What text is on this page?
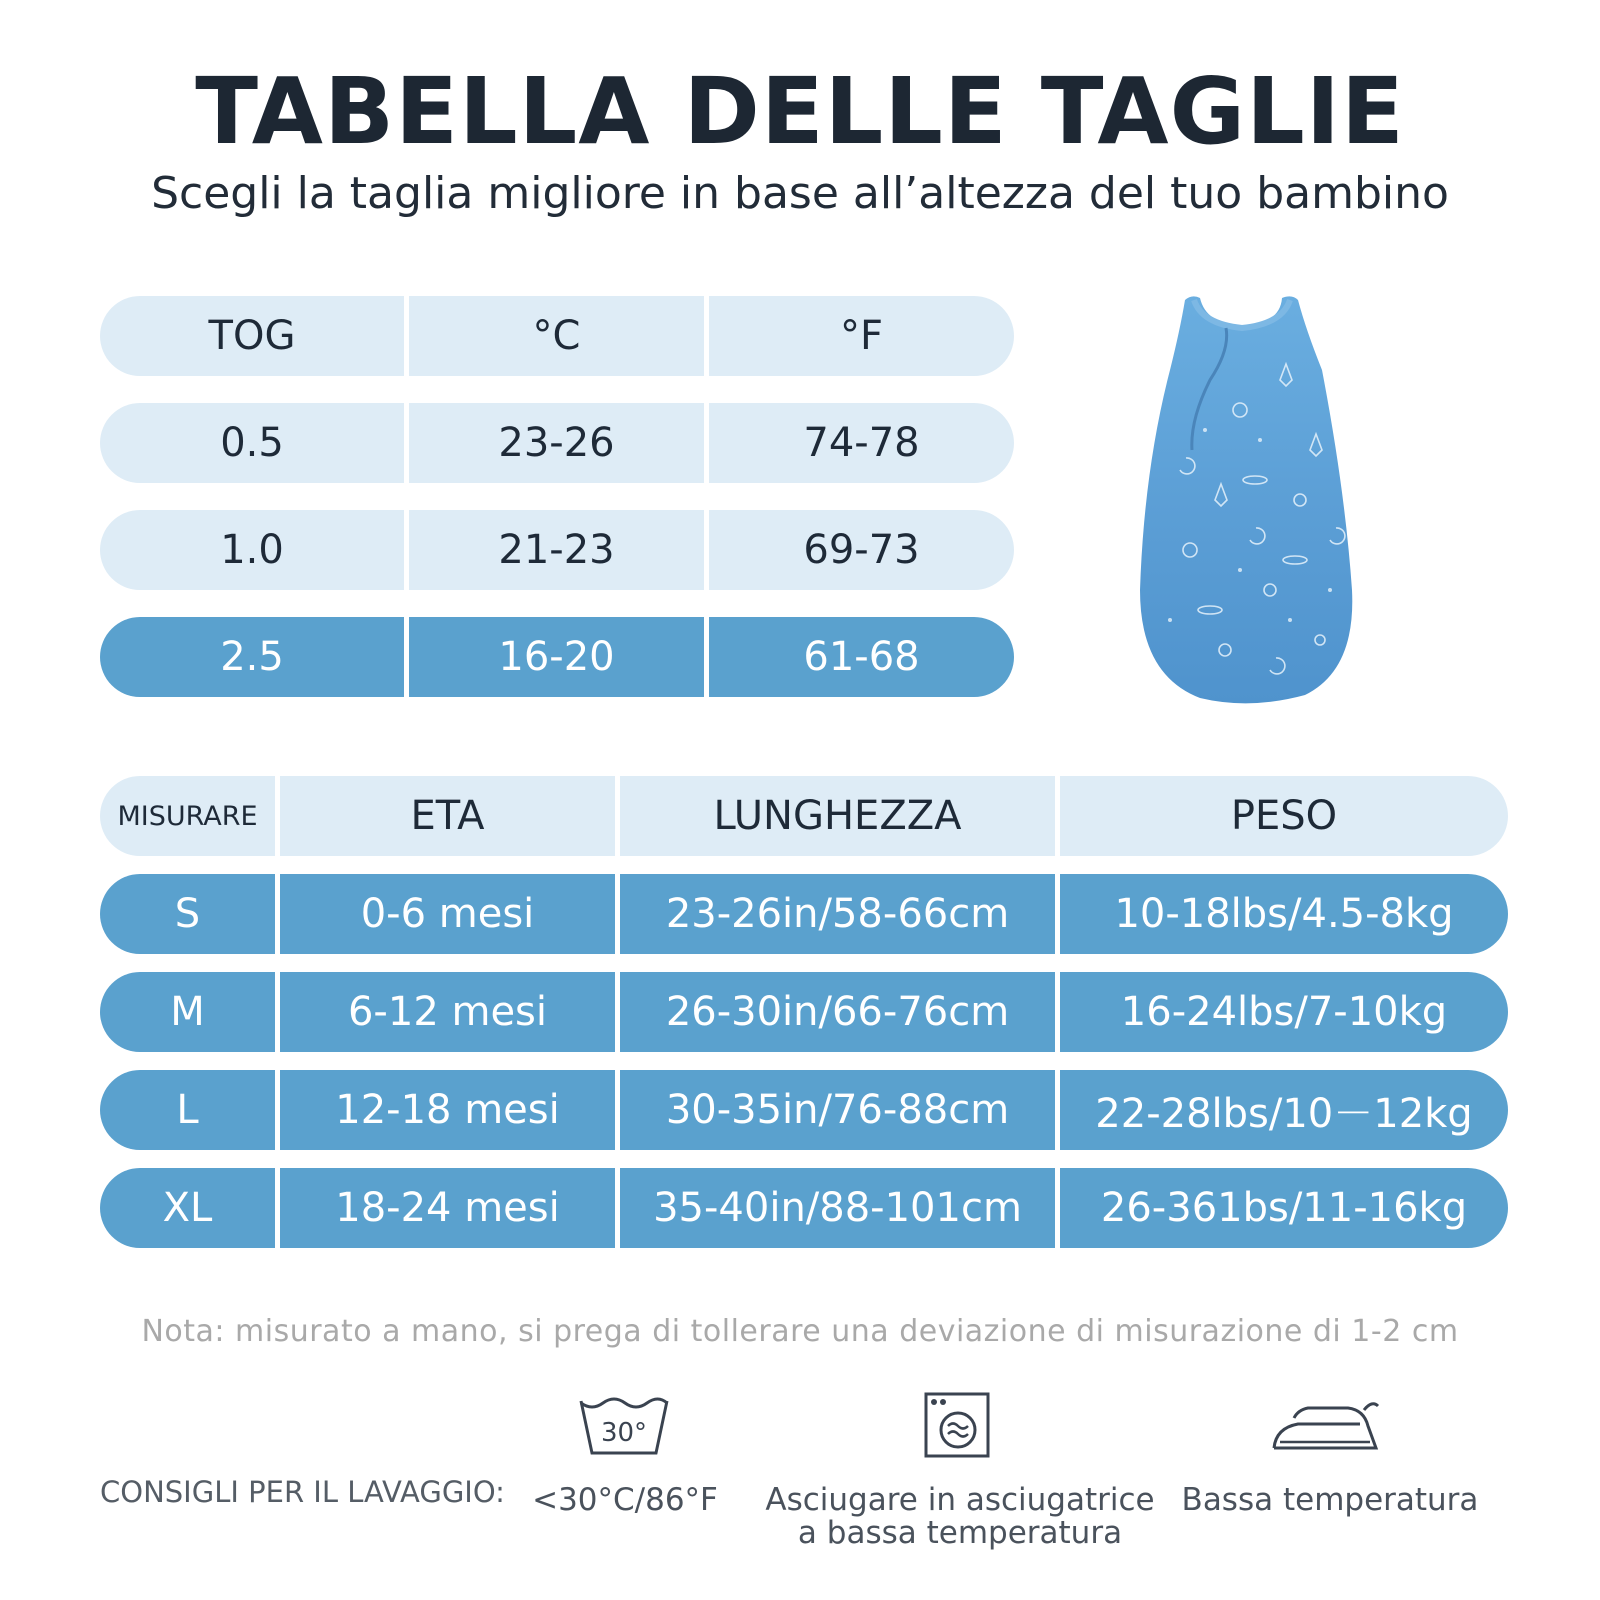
TABELLA DELLE TAGLIE
Scegli la taglia migliore in base all’altezza del tuo bambino
TOG	°C	°F
0.5	23-26	74-78
1.0	21-23	69-73
2.5	16-20	61-68
MISURARE	ETA	LUNGHEZZA	PESO
S	0-6 mesi	23-26in/58-66cm	10-18lbs/4.5-8kg
M	6-12 mesi	26-30in/66-76cm	16-24lbs/7-10kg
L	12-18 mesi	30-35in/76-88cm	22-28lbs/10－12kg
XL	18-24 mesi	35-40in/88-101cm	26-361bs/11-16kg
Nota: misurato a mano, si prega di tollerare una deviazione di misurazione di 1-2 cm
CONSIGLI PER IL LAVAGGIO:
30°
<30°C/86°F	Asciugare in asciugatrice
a bassa temperatura
Bassa temperatura
